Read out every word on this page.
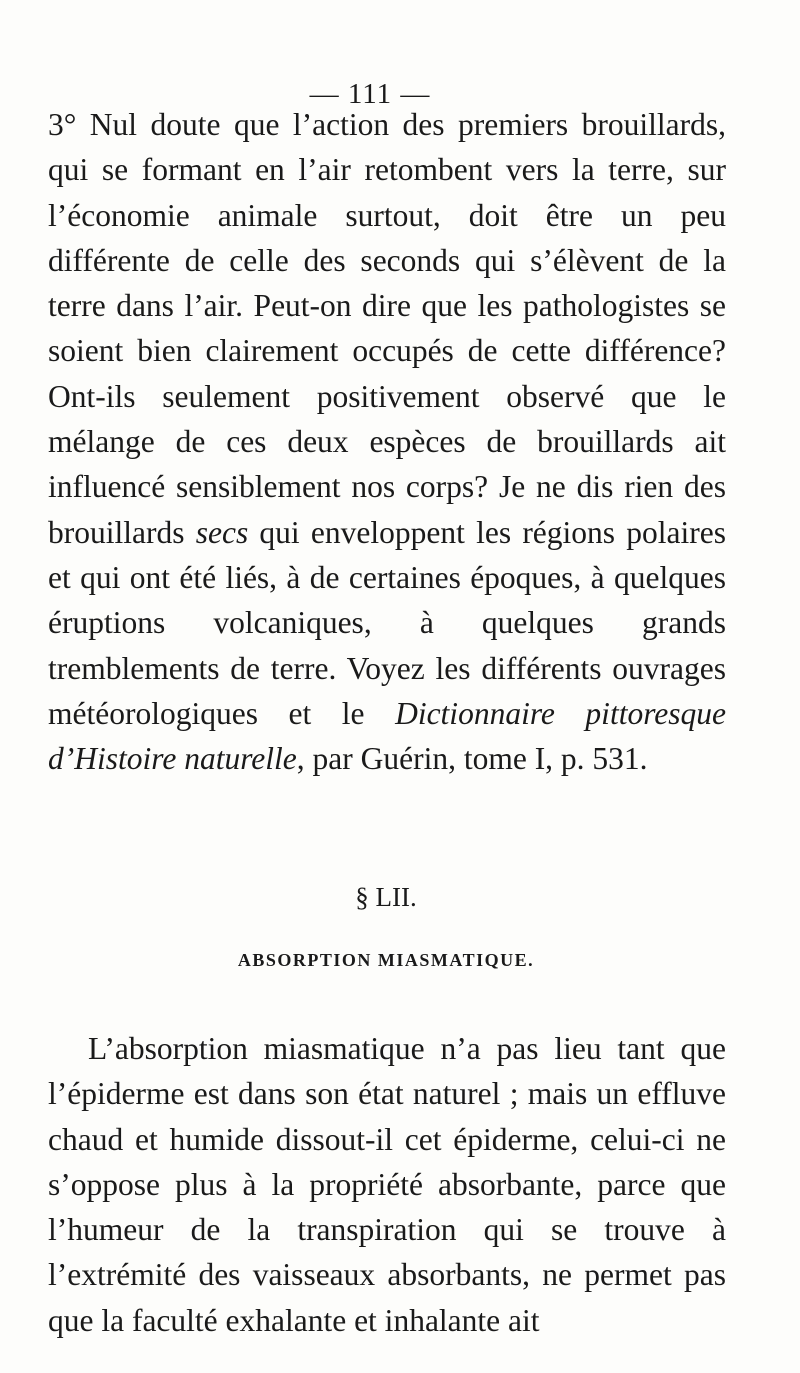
— 111 —

3° Nul doute que l’action des premiers brouillards, qui se formant en l’air retombent vers la terre, sur l’économie animale surtout, doit être un peu différente de celle des seconds qui s’élèvent de la terre dans l’air. Peut-on dire que les pathologistes se soient bien clairement occupés de cette différence? Ont-ils seulement positivement observé que le mélange de ces deux espèces de brouillards ait influencé sensiblement nos corps? Je ne dis rien des brouillards secs qui enveloppent les régions polaires et qui ont été liés, à de certaines époques, à quelques éruptions volcaniques, à quelques grands tremblements de terre. Voyez les différents ouvrages météorologiques et le Dictionnaire pittoresque d’Histoire naturelle, par Guérin, tome I, p. 531.

§ LII.
ABSORPTION MIASMATIQUE.

L’absorption miasmatique n’a pas lieu tant que l’épiderme est dans son état naturel ; mais un effluve chaud et humide dissout-il cet épiderme, celui-ci ne s’oppose plus à la propriété absorbante, parce que l’humeur de la transpiration qui se trouve à l’extrémité des vaisseaux absorbants, ne permet pas que la faculté exhalante et inhalante ait
